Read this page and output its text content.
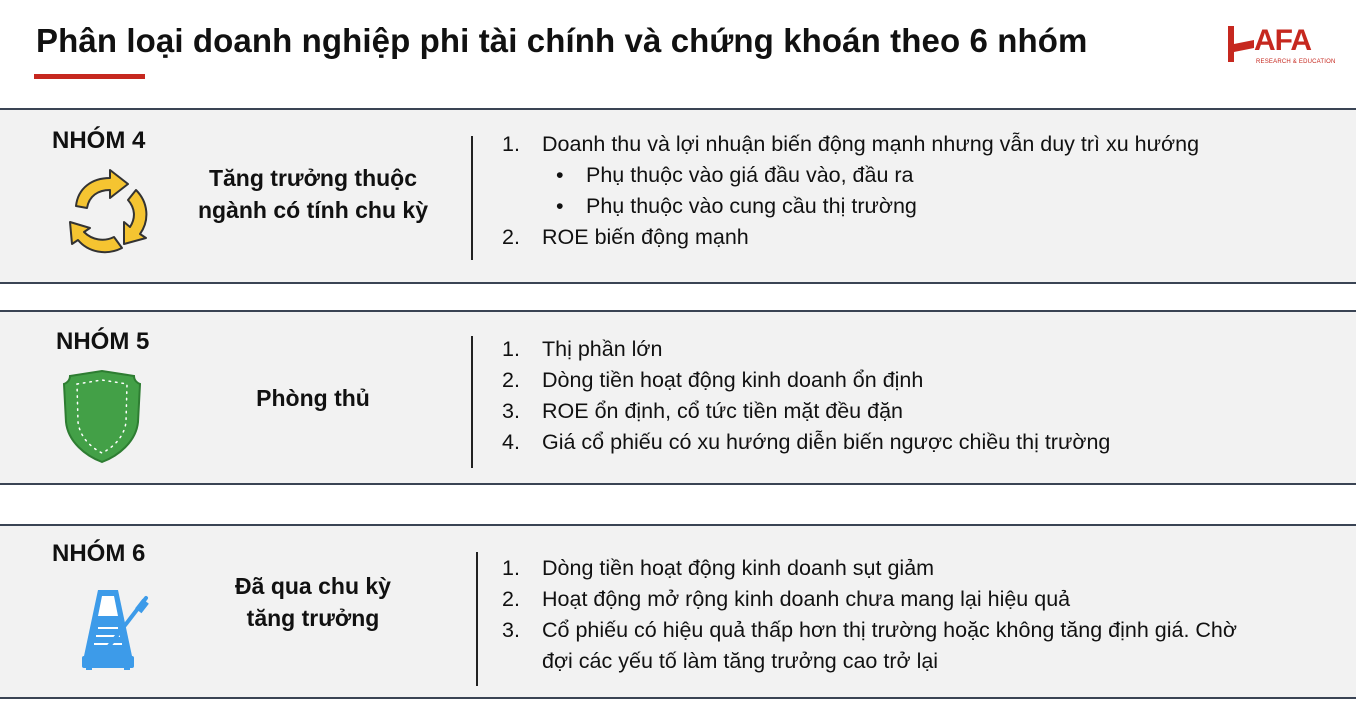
Phân loại doanh nghiệp phi tài chính và chứng khoán theo 6 nhóm	AFA
RESEARCH & EDUCATION
NHÓM 4
Tăng trưởng thuộc
ngành có tính chu kỳ
1. Doanh thu và lợi nhuận biến động mạnh nhưng vẫn duy trì xu hướng
• Phụ thuộc vào giá đầu vào, đầu ra
• Phụ thuộc vào cung cầu thị trường
2. ROE biến động mạnh
NHÓM 5
Phòng thủ
1. Thị phần lớn
2. Dòng tiền hoạt động kinh doanh ổn định
3. ROE ổn định, cổ tức tiền mặt đều đặn
4. Giá cổ phiếu có xu hướng diễn biến ngược chiều thị trường
NHÓM 6
Đã qua chu kỳ
tăng trưởng
1. Dòng tiền hoạt động kinh doanh sụt giảm
2. Hoạt động mở rộng kinh doanh chưa mang lại hiệu quả
3. Cổ phiếu có hiệu quả thấp hơn thị trường hoặc không tăng định giá. Chờ
đợi các yếu tố làm tăng trưởng cao trở lại
